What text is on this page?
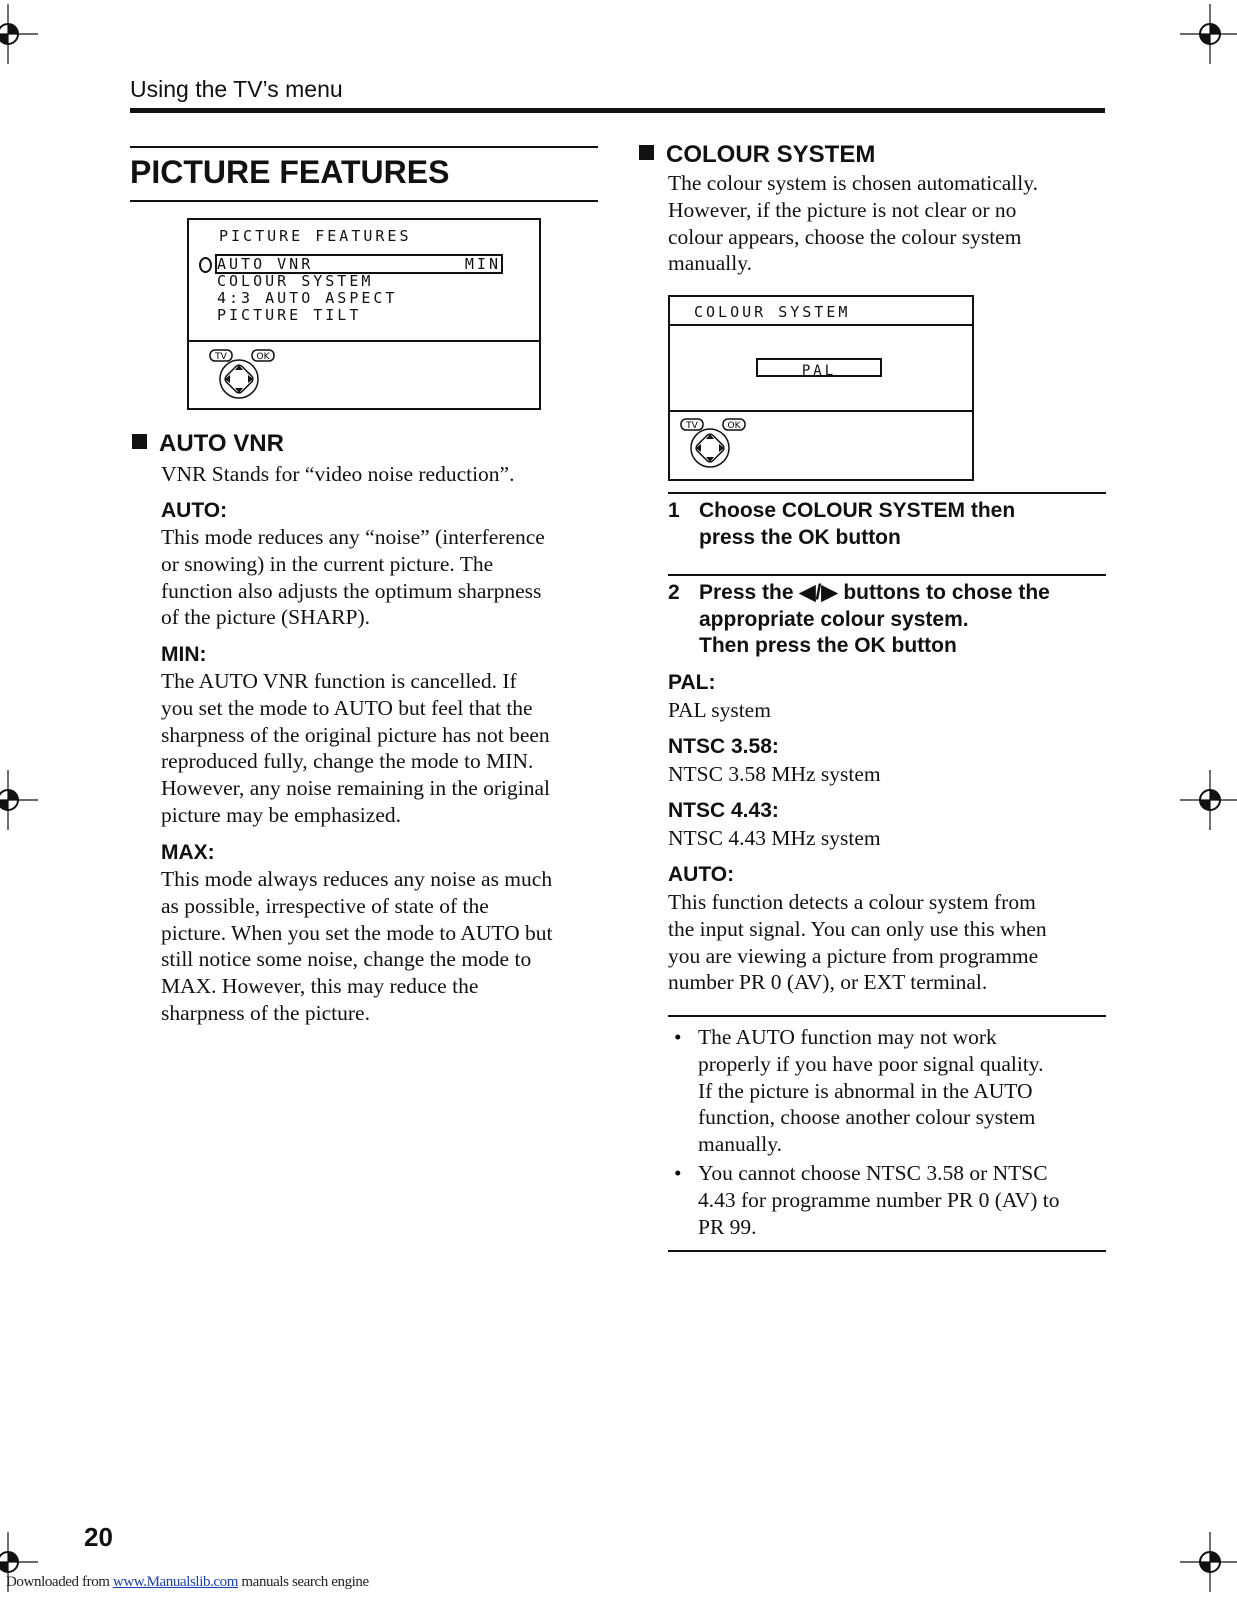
Using the TV’s menu
PICTURE FEATURES
PICTURE FEATURES
AUTO VNR	MIN
COLOUR SYSTEM
4:3 AUTO ASPECT
PICTURE TILT
TV	OK
AUTO VNR
VNR Stands for “video noise reduction”.
AUTO:
This mode reduces any “noise” (interference
or snowing) in the current picture. The
function also adjusts the optimum sharpness
of the picture (SHARP).
MIN:
The AUTO VNR function is cancelled. If
you set the mode to AUTO but feel that the
sharpness of the original picture has not been
reproduced fully, change the mode to MIN.
However, any noise remaining in the original
picture may be emphasized.
MAX:
This mode always reduces any noise as much
as possible, irrespective of state of the
picture. When you set the mode to AUTO but
still notice some noise, change the mode to
MAX. However, this may reduce the
sharpness of the picture.
COLOUR SYSTEM
The colour system is chosen automatically.
However, if the picture is not clear or no
colour appears, choose the colour system
manually.
COLOUR SYSTEM
PAL
TV	OK
1 Choose COLOUR SYSTEM then
press the OK button
2 Press the ◀/▶ buttons to chose the
appropriate colour system.
Then press the OK button
PAL:
PAL system
NTSC 3.58:
NTSC 3.58 MHz system
NTSC 4.43:
NTSC 4.43 MHz system
AUTO:
This function detects a colour system from
the input signal. You can only use this when
you are viewing a picture from programme
number PR 0 (AV), or EXT terminal.
• The AUTO function may not work
properly if you have poor signal quality.
If the picture is abnormal in the AUTO
function, choose another colour system
manually.
• You cannot choose NTSC 3.58 or NTSC
4.43 for programme number PR 0 (AV) to
PR 99.
20
Downloaded from www.Manualslib.com manuals search engine
